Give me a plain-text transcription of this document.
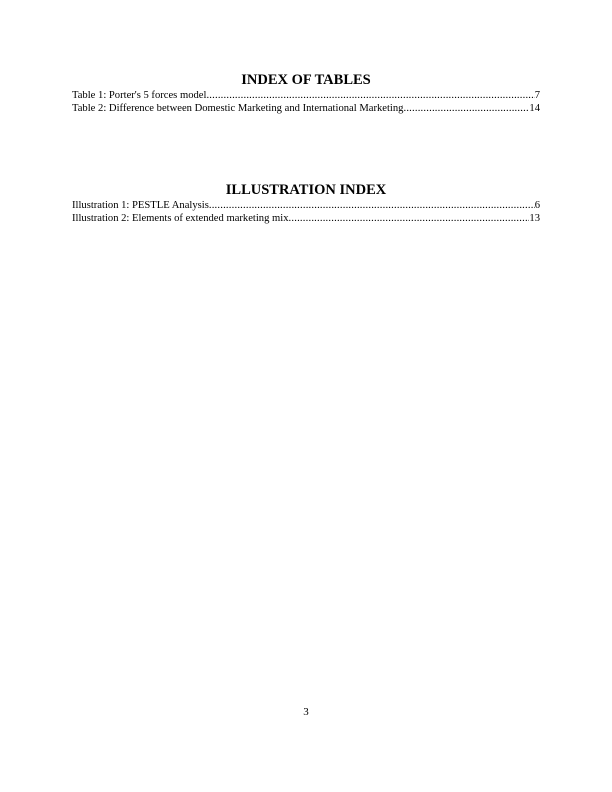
INDEX OF TABLES
Table 1: Porter's 5 forces model .....	7
Table 2: Difference between Domestic Marketing and International Marketing .....	14
ILLUSTRATION INDEX
Illustration 1: PESTLE Analysis .....	6
Illustration 2: Elements of extended marketing mix .....	13
3
